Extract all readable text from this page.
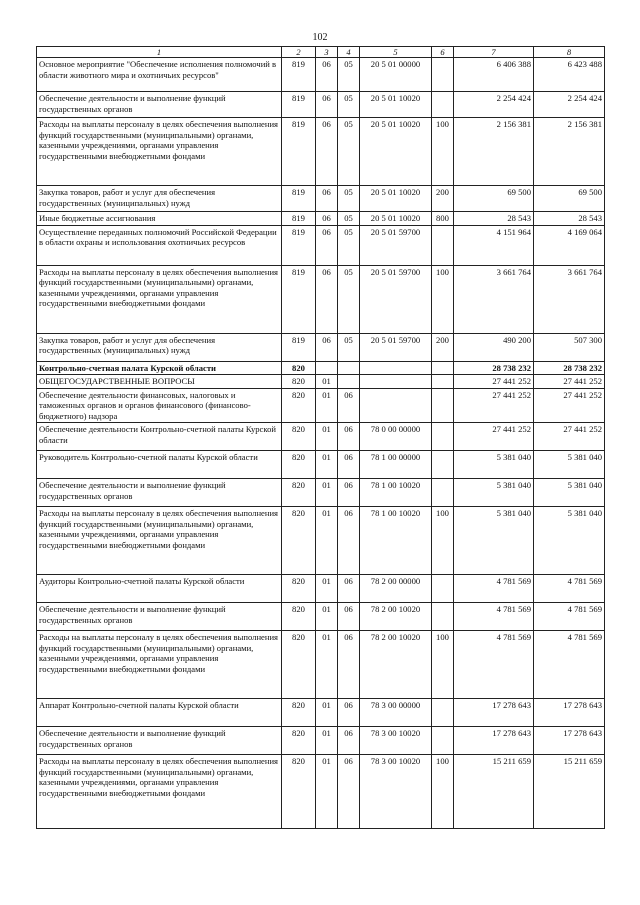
102
1	2	3	4	5	6	7	8
Основное мероприятие "Обеспечение исполнения полномочий в области животного мира и охотничьих ресурсов"	819	06	05	20 5 01 00000		6 406 388	6 423 488
Обеспечение деятельности и выполнение функций государственных органов	819	06	05	20 5 01 10020		2 254 424	2 254 424
Расходы на выплаты персоналу в целях обеспечения выполнения функций государственными (муниципальными) органами, казенными учреждениями, органами управления государственными внебюджетными фондами	819	06	05	20 5 01 10020	100	2 156 381	2 156 381
Закупка товаров, работ и услуг для обеспечения государственных (муниципальных) нужд	819	06	05	20 5 01 10020	200	69 500	69 500
Иные бюджетные ассигнования	819	06	05	20 5 01 10020	800	28 543	28 543
Осуществление переданных полномочий Российской Федерации в области охраны и использования охотничьих ресурсов	819	06	05	20 5 01 59700		4 151 964	4 169 064
Расходы на выплаты персоналу в целях обеспечения выполнения функций государственными (муниципальными) органами, казенными учреждениями, органами управления государственными внебюджетными фондами	819	06	05	20 5 01 59700	100	3 661 764	3 661 764
Закупка товаров, работ и услуг для обеспечения государственных (муниципальных) нужд	819	06	05	20 5 01 59700	200	490 200	507 300
Контрольно-счетная палата Курской области	820					28 738 232	28 738 232
ОБЩЕГОСУДАРСТВЕННЫЕ ВОПРОСЫ	820	01				27 441 252	27 441 252
Обеспечение деятельности финансовых, налоговых и таможенных органов и органов финансового (финансово-бюджетного) надзора	820	01	06			27 441 252	27 441 252
Обеспечение деятельности Контрольно-счетной палаты Курской области	820	01	06	78 0 00 00000		27 441 252	27 441 252
Руководитель Контрольно-счетной палаты Курской области	820	01	06	78 1 00 00000		5 381 040	5 381 040
Обеспечение деятельности и выполнение функций государственных органов	820	01	06	78 1 00 10020		5 381 040	5 381 040
Расходы на выплаты персоналу в целях обеспечения выполнения функций государственными (муниципальными) органами, казенными учреждениями, органами управления государственными внебюджетными фондами	820	01	06	78 1 00 10020	100	5 381 040	5 381 040
Аудиторы Контрольно-счетной палаты Курской области	820	01	06	78 2 00 00000		4 781 569	4 781 569
Обеспечение деятельности и выполнение функций государственных органов	820	01	06	78 2 00 10020		4 781 569	4 781 569
Расходы на выплаты персоналу в целях обеспечения выполнения функций государственными (муниципальными) органами, казенными учреждениями, органами управления государственными внебюджетными фондами	820	01	06	78 2 00 10020	100	4 781 569	4 781 569
Аппарат Контрольно-счетной палаты Курской области	820	01	06	78 3 00 00000		17 278 643	17 278 643
Обеспечение деятельности и выполнение функций государственных органов	820	01	06	78 3 00 10020		17 278 643	17 278 643
Расходы на выплаты персоналу в целях обеспечения выполнения функций государственными (муниципальными) органами, казенными учреждениями, органами управления государственными внебюджетными фондами	820	01	06	78 3 00 10020	100	15 211 659	15 211 659
